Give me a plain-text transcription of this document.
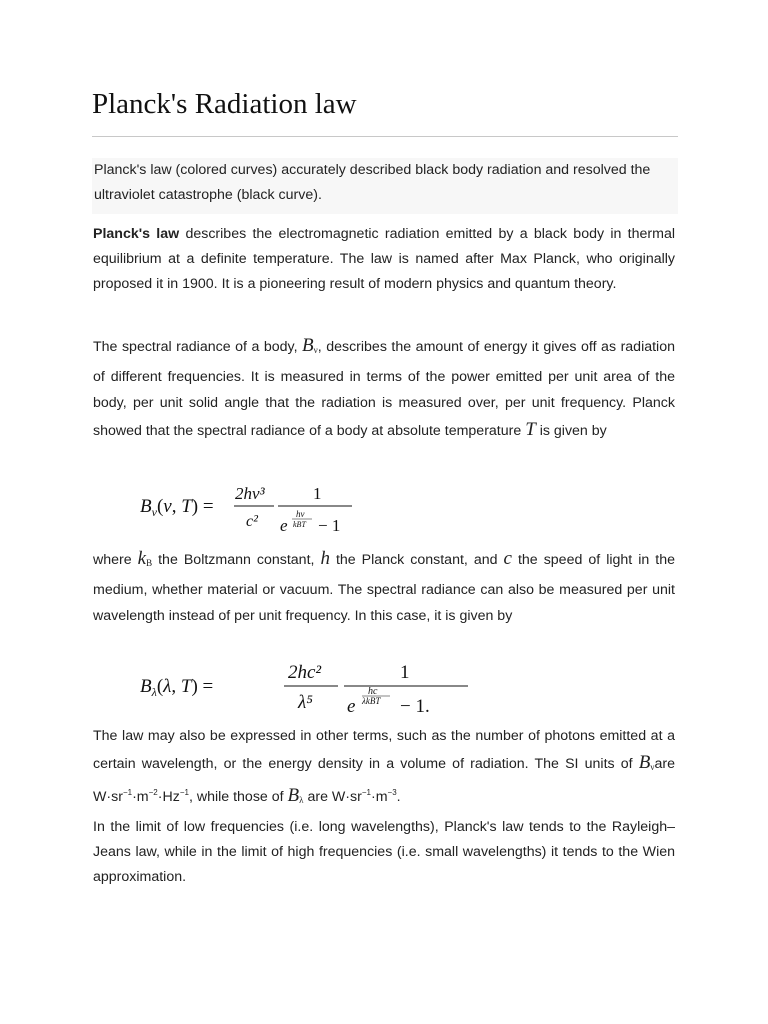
Planck's Radiation law

Planck's law (colored curves) accurately described black body radiation and resolved the ultraviolet catastrophe (black curve).

Planck's law describes the electromagnetic radiation emitted by a black body in thermal equilibrium at a definite temperature. The law is named after Max Planck, who originally proposed it in 1900. It is a pioneering result of modern physics and quantum theory.

The spectral radiance of a body, $B_\nu$, describes the amount of energy it gives off as radiation of different frequencies. It is measured in terms of the power emitted per unit area of the body, per unit solid angle that the radiation is measured over, per unit frequency. Planck showed that the spectral radiance of a body at absolute temperature T is given by

$B_\nu(\nu$, T) =
2hν³
c²
1
hν
kBT
e − 1

where $k_B$ the Boltzmann constant, h the Planck constant, and c the speed of light in the medium, whether material or vacuum. The spectral radiance can also be measured per unit wavelength instead of per unit frequency. In this case, it is given by

$B_\lambda(\lambda$, T) =
2hc²
λ⁵
1
hc
λkBT
e − 1.

The law may also be expressed in other terms, such as the number of photons emitted at a certain wavelength, or the energy density in a volume of radiation. The SI units of $B_\nu are$ $W\cdot sr^{-1}\cdot m^{-2}\cdot Hz^{-1}$, while those of $B_\lambda$ are $W\cdot sr^{-1}\cdot m^{-3}$.

In the limit of low frequencies (i.e. long wavelengths), Planck's law tends to the Rayleigh–Jeans law, while in the limit of high frequencies (i.e. small wavelengths) it tends to the Wien approximation.
